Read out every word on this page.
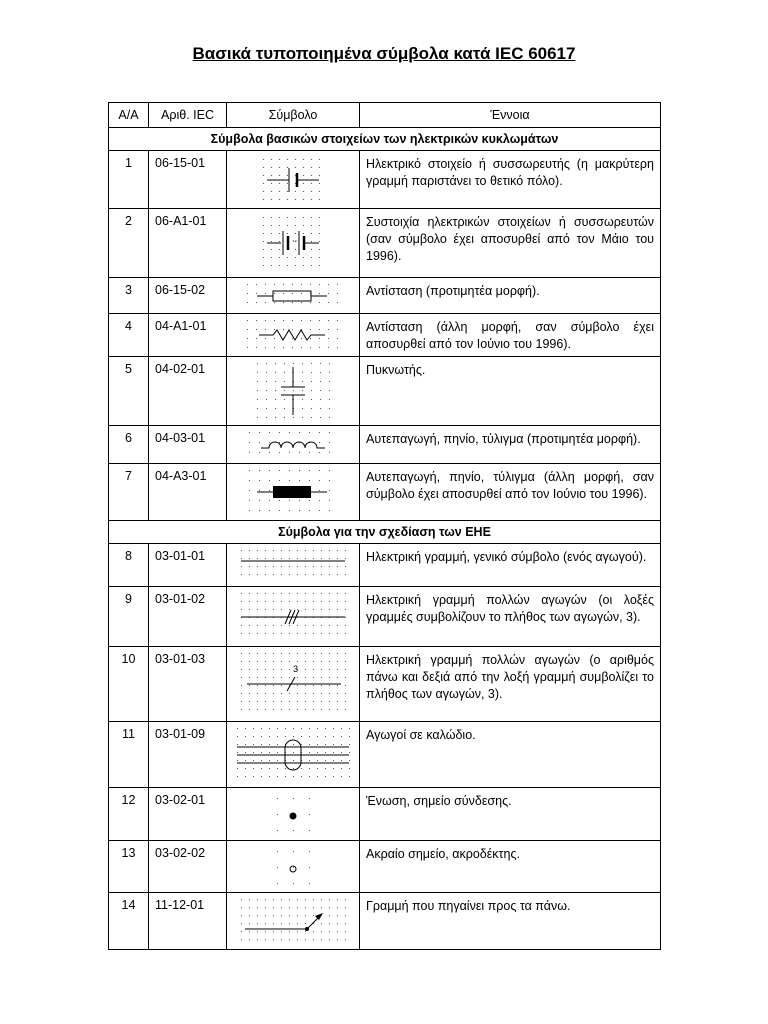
Βασικά τυποποιημένα σύμβολα κατά IEC 60617
Α/Α	Αριθ. IEC	Σύμβολο	Έννοια
Σύμβολα βασικών στοιχείων των ηλεκτρικών κυκλωμάτων			
1	06-15-01		Ηλεκτρικό στοιχείο ή συσσωρευτής (η μακρύτερη γραμμή παριστάνει το θετικό πόλο).
2	06-A1-01		Συστοιχία ηλεκτρικών στοιχείων ή συσσωρευτών (σαν σύμβολο έχει αποσυρθεί από τον Μάιο του 1996).
3	06-15-02		Αντίσταση (προτιμητέα μορφή).
4	04-A1-01		Αντίσταση (άλλη μορφή, σαν σύμβολο έχει αποσυρθεί από τον Ιούνιο του 1996).
5	04-02-01		Πυκνωτής.
6	04-03-01		Αυτεπαγωγή, πηνίο, τύλιγμα (προτιμητέα μορφή).
7	04-A3-01		Αυτεπαγωγή, πηνίο, τύλιγμα (άλλη μορφή, σαν σύμβολο έχει αποσυρθεί από τον Ιούνιο του 1996).
Σύμβολα για την σχεδίαση των ΕΗΕ			
8	03-01-01		Ηλεκτρική γραμμή, γενικό σύμβολο (ενός αγωγού).
9	03-01-02		Ηλεκτρική γραμμή πολλών αγωγών (οι λοξές γραμμές συμβολίζουν το πλήθος των αγωγών, 3).
10	03-01-03	3	Ηλεκτρική γραμμή πολλών αγωγών (ο αριθμός πάνω και δεξιά από την λοξή γραμμή συμβολίζει το πλήθος των αγωγών, 3).
11	03-01-09		Αγωγοί σε καλώδιο.
12	03-02-01		Ένωση, σημείο σύνδεσης.
13	03-02-02		Ακραίο σημείο, ακροδέκτης.
14	11-12-01		Γραμμή που πηγαίνει προς τα πάνω.
